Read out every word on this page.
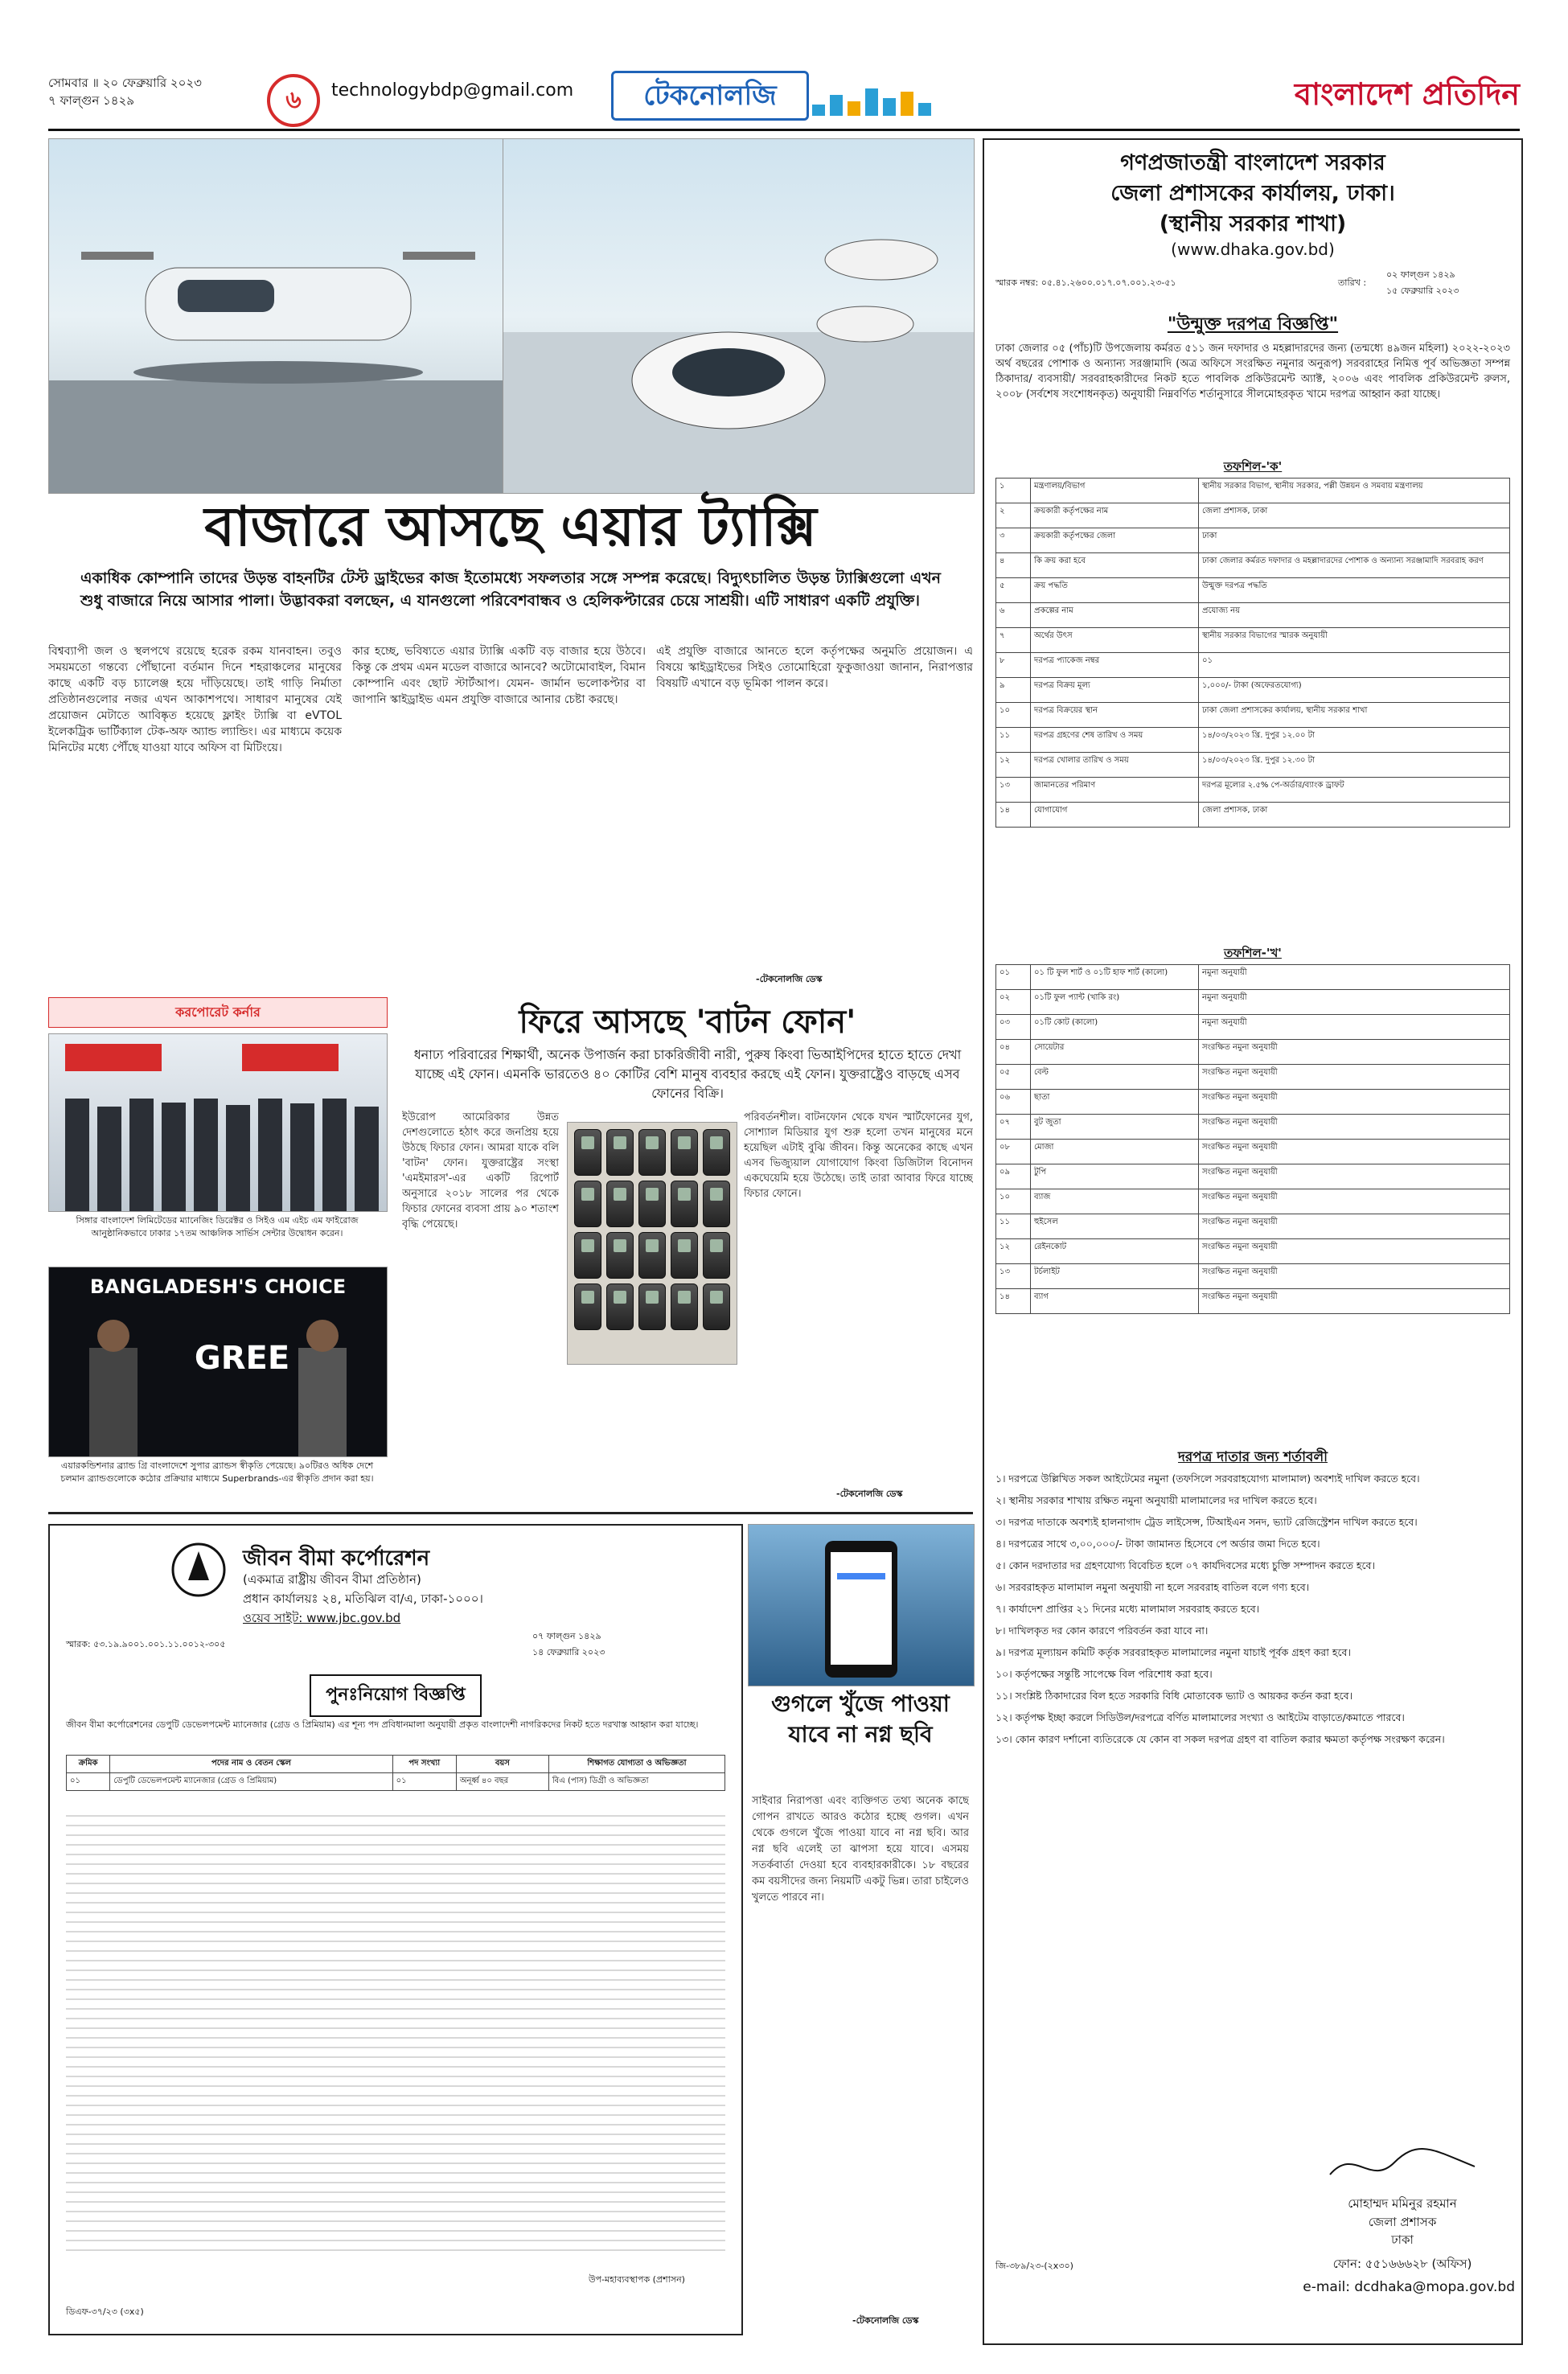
সোমবার ॥ ২০ ফেব্রুয়ারি ২০২৩
৭ ফাল্গুন ১৪২৯	৬	technologybdp@gmail.com	টেকনোলজি	বাংলাদেশ প্রতিদিন
বাজারে আসছে এয়ার ট্যাক্সি
একাধিক কোম্পানি তাদের উড়ন্ত বাহনটির টেস্ট ড্রাইভের কাজ ইতোমধ্যে সফলতার সঙ্গে সম্পন্ন করেছে। বিদ্যুৎচালিত উড়ন্ত ট্যাক্সিগুলো এখন শুধু বাজারে নিয়ে আসার পালা। উদ্ভাবকরা বলছেন, এ যানগুলো পরিবেশবান্ধব ও হেলিকপ্টারের চেয়ে সাশ্রয়ী। এটি সাধারণ একটি প্রযুক্তি।
বিশ্বব্যাপী জল ও স্থলপথে রয়েছে হরেক রকম যানবাহন। তবুও সময়মতো গন্তব্যে পৌঁছানো বর্তমান দিনে শহরাঞ্চলের মানুষের কাছে একটি বড় চ্যালেঞ্জ হয়ে দাঁড়িয়েছে। তাই গাড়ি নির্মাতা প্রতিষ্ঠানগুলোর নজর এখন আকাশপথে। সাধারণ মানুষের যেই প্রয়োজন মেটাতে আবিষ্কৃত হয়েছে ফ্লাইং ট্যাক্সি বা eVTOL ইলেকট্রিক ভার্টিক্যাল টেক-অফ অ্যান্ড ল্যান্ডিং। এর মাধ্যমে কয়েক মিনিটের মধ্যে পৌঁছে যাওয়া যাবে অফিস বা মিটিংয়ে।
কার হচ্ছে, ভবিষ্যতে এয়ার ট্যাক্সি একটি বড় বাজার হয়ে উঠবে। কিন্তু কে প্রথম এমন মডেল বাজারে আনবে? অটোমোবাইল, বিমান কোম্পানি এবং ছোট স্টার্টআপ। যেমন- জার্মান ভলোকপ্টার বা জাপানি স্কাইড্রাইভ এমন প্রযুক্তি বাজারে আনার চেষ্টা করছে।
এই প্রযুক্তি বাজারে আনতে হলে কর্তৃপক্ষের অনুমতি প্রয়োজন। এ বিষয়ে স্কাইড্রাইভের সিইও তোমোহিরো ফুকুজাওয়া জানান, নিরাপত্তার বিষয়টি এখানে বড় ভূমিকা পালন করে।
-টেকনোলজি ডেস্ক
করপোরেট কর্নার
সিঙ্গার বাংলাদেশ লিমিটেডের ম্যানেজিং ডিরেক্টর ও সিইও এম এইচ এম ফাইরোজ আনুষ্ঠানিকভাবে ঢাকার ১৭তম আঞ্চলিক সার্ভিস সেন্টার উদ্বোধন করেন।
BANGLADESH'S CHOICE
GREE
এয়ারকন্ডিশনার ব্র্যান্ড গ্রি বাংলাদেশে সুপার ব্র্যান্ডস স্বীকৃতি পেয়েছে। ৯০টিরও অধিক দেশে চলমান ব্র্যান্ডগুলোকে কঠোর প্রক্রিয়ার মাধ্যমে Superbrands-এর স্বীকৃতি প্রদান করা হয়।
ফিরে আসছে 'বাটন ফোন'
ধনাঢ্য পরিবারের শিক্ষার্থী, অনেক উপার্জন করা চাকরিজীবী নারী, পুরুষ কিংবা ভিআইপিদের হাতে হাতে দেখা যাচ্ছে এই ফোন। এমনকি ভারতেও ৪০ কোটির বেশি মানুষ ব্যবহার করছে এই ফোন। যুক্তরাষ্ট্রেও বাড়ছে এসব ফোনের বিক্রি।
ইউরোপ আমেরিকার উন্নত দেশগুলোতে হঠাৎ করে জনপ্রিয় হয়ে উঠছে ফিচার ফোন। আমরা যাকে বলি 'বাটন' ফোন। যুক্তরাষ্ট্রের সংস্থা 'এমইমারস'-এর একটি রিপোর্ট অনুসারে ২০১৮ সালের পর থেকে ফিচার ফোনের ব্যবসা প্রায় ৯০ শতাংশ বৃদ্ধি পেয়েছে।
পরিবর্তনশীল। বাটনফোন থেকে যখন স্মার্টফোনের যুগ, সোশ্যাল মিডিয়ার যুগ শুরু হলো তখন মানুষের মনে হয়েছিল এটাই বুঝি জীবন। কিন্তু অনেকের কাছে এখন এসব ভিজ্যুয়াল যোগাযোগ কিংবা ডিজিটাল বিনোদন একঘেয়েমি হয়ে উঠেছে। তাই তারা আবার ফিরে যাচ্ছে ফিচার ফোনে।
-টেকনোলজি ডেস্ক
জীবন বীমা কর্পোরেশন
(একমাত্র রাষ্ট্রীয় জীবন বীমা প্রতিষ্ঠান)
প্রধান কার্যালয়ঃ ২৪, মতিঝিল বা/এ, ঢাকা-১০০০।
ওয়েব সাইট: www.jbc.gov.bd
স্মারক: ৫৩.১৯.৯০০১.০০১.১১.০০১২-৩০৫
০৭ ফাল্গুন ১৪২৯
১৪ ফেব্রুয়ারি ২০২৩
পুনঃনিয়োগ বিজ্ঞপ্তি
জীবন বীমা কর্পোরেশনের ডেপুটি ডেভেলপমেন্ট ম্যানেজার (গ্রেড ও প্রিমিয়াম) এর শূন্য পদ প্রবিধানমালা অনুযায়ী প্রকৃত বাংলাদেশী নাগরিকদের নিকট হতে দরখাস্ত আহ্বান করা যাচ্ছে।
ক্রমিক	পদের নাম ও বেতন স্কেল	পদ সংখ্যা	বয়স	শিক্ষাগত যোগ্যতা ও অভিজ্ঞতা
০১	ডেপুটি ডেভেলপমেন্ট ম্যানেজার (গ্রেড ও প্রিমিয়াম)	০১	অনূর্ধ্ব ৪০ বছর	বিএ (পাস) ডিগ্রী ও অভিজ্ঞতা
উপ-মহাব্যবস্থাপক (প্রশাসন)
ডিএফ-৩৭/২৩ (৩x৫)
গুগলে খুঁজে পাওয়া যাবে না নগ্ন ছবি
সাইবার নিরাপত্তা এবং ব্যক্তিগত তথ্য অনেক কাছে গোপন রাখতে আরও কঠোর হচ্ছে গুগল। এখন থেকে গুগলে খুঁজে পাওয়া যাবে না নগ্ন ছবি। আর নগ্ন ছবি এলেই তা ঝাপসা হয়ে যাবে। এসময় সতর্কবার্তা দেওয়া হবে ব্যবহারকারীকে। ১৮ বছরের কম বয়সীদের জন্য নিয়মটি একটু ভিন্ন। তারা চাইলেও খুলতে পারবে না।
-টেকনোলজি ডেস্ক
গণপ্রজাতন্ত্রী বাংলাদেশ সরকার
জেলা প্রশাসকের কার্যালয়, ঢাকা।
(স্থানীয় সরকার শাখা)
(www.dhaka.gov.bd)
স্মারক নম্বর: ০৫.৪১.২৬০০.০১৭.০৭.০০১.২৩-৫১	তারিখ :
০২ ফাল্গুন ১৪২৯
১৫ ফেব্রুয়ারি ২০২৩
"উন্মুক্ত দরপত্র বিজ্ঞপ্তি"
ঢাকা জেলার ০৫ (পাঁচ)টি উপজেলায় কর্মরত ৫১১ জন দফাদার ও মহল্লাদারদের জন্য (তন্মধ্যে ৪৯জন মহিলা) ২০২২-২০২৩ অর্থ বছরের পোশাক ও অন্যান্য সরঞ্জামাদি (অত্র অফিসে সংরক্ষিত নমুনার অনুরূপ) সরবরাহের নিমিত্ত পূর্ব অভিজ্ঞতা সম্পন্ন ঠিকাদার/ ব্যবসায়ী/ সরবরাহকারীদের নিকট হতে পাবলিক প্রকিউরমেন্ট অ্যাক্ট, ২০০৬ এবং পাবলিক প্রকিউরমেন্ট রুলস, ২০০৮ (সর্বশেষ সংশোধনকৃত) অনুযায়ী নিম্নবর্ণিত শর্তানুসারে সীলমোহরকৃত খামে দরপত্র আহ্বান করা যাচ্ছে।
তফশিল-'ক'
১	মন্ত্রণালয়/বিভাগ	স্থানীয় সরকার বিভাগ, স্থানীয় সরকার, পল্লী উন্নয়ন ও সমবায় মন্ত্রণালয়
২	ক্রয়কারী কর্তৃপক্ষের নাম	জেলা প্রশাসক, ঢাকা
৩	ক্রয়কারী কর্তৃপক্ষের জেলা	ঢাকা
৪	কি ক্রয় করা হবে	ঢাকা জেলার কর্মরত দফাদার ও মহল্লাদারদের পোশাক ও অন্যান্য সরঞ্জামাদি সরবরাহ করণ
৫	ক্রয় পদ্ধতি	উন্মুক্ত দরপত্র পদ্ধতি
৬	প্রকল্পের নাম	প্রযোজ্য নয়
৭	অর্থের উৎস	স্থানীয় সরকার বিভাগের স্মারক অনুযায়ী
৮	দরপত্র প্যাকেজ নম্বর	০১
৯	দরপত্র বিক্রয় মূল্য	১,০০০/- টাকা (অফেরতযোগ্য)
১০	দরপত্র বিক্রয়ের স্থান	ঢাকা জেলা প্রশাসকের কার্যালয়, স্থানীয় সরকার শাখা
১১	দরপত্র গ্রহণের শেষ তারিখ ও সময়	১৪/০৩/২০২৩ খ্রি. দুপুর ১২.০০ টা
১২	দরপত্র খোলার তারিখ ও সময়	১৪/০৩/২০২৩ খ্রি. দুপুর ১২.৩০ টা
১৩	জামানতের পরিমাণ	দরপত্র মূল্যের ২.৫% পে-অর্ডার/ব্যাংক ড্রাফট
১৪	যোগাযোগ	জেলা প্রশাসক, ঢাকা
তফশিল-'খ'
০১	০১ টি ফুল শার্ট ও ০১টি হাফ শার্ট (কালো)	নমুনা অনুযায়ী
০২	০১টি ফুল প্যান্ট (খাকি রং)	নমুনা অনুযায়ী
০৩	০১টি কোট (কালো)	নমুনা অনুযায়ী
০৪	সোয়েটার	সংরক্ষিত নমুনা অনুযায়ী
০৫	বেল্ট	সংরক্ষিত নমুনা অনুযায়ী
০৬	ছাতা	সংরক্ষিত নমুনা অনুযায়ী
০৭	বুট জুতা	সংরক্ষিত নমুনা অনুযায়ী
০৮	মোজা	সংরক্ষিত নমুনা অনুযায়ী
০৯	টুপি	সংরক্ষিত নমুনা অনুযায়ী
১০	ব্যাজ	সংরক্ষিত নমুনা অনুযায়ী
১১	হুইসেল	সংরক্ষিত নমুনা অনুযায়ী
১২	রেইনকোট	সংরক্ষিত নমুনা অনুযায়ী
১৩	টর্চলাইট	সংরক্ষিত নমুনা অনুযায়ী
১৪	ব্যাগ	সংরক্ষিত নমুনা অনুযায়ী
দরপত্র দাতার জন্য শর্তাবলী
১। দরপত্রে উল্লিখিত সকল আইটেমের নমুনা (তফসিলে সরবরাহযোগ্য মালামাল) অবশ্যই দাখিল করতে হবে।
২। স্থানীয় সরকার শাখায় রক্ষিত নমুনা অনুযায়ী মালামালের দর দাখিল করতে হবে।
৩। দরপত্র দাতাকে অবশ্যই হালনাগাদ ট্রেড লাইসেন্স, টিআইএন সনদ, ভ্যাট রেজিস্ট্রেশন দাখিল করতে হবে।
৪। দরপত্রের সাথে ৩,০০,০০০/- টাকা জামানত হিসেবে পে অর্ডার জমা দিতে হবে।
৫। কোন দরদাতার দর গ্রহণযোগ্য বিবেচিত হলে ০৭ কার্যদিবসের মধ্যে চুক্তি সম্পাদন করতে হবে।
৬। সরবরাহকৃত মালামাল নমুনা অনুযায়ী না হলে সরবরাহ বাতিল বলে গণ্য হবে।
৭। কার্যাদেশ প্রাপ্তির ২১ দিনের মধ্যে মালামাল সরবরাহ করতে হবে।
৮। দাখিলকৃত দর কোন কারণে পরিবর্তন করা যাবে না।
৯। দরপত্র মূল্যায়ন কমিটি কর্তৃক সরবরাহকৃত মালামালের নমুনা যাচাই পূর্বক গ্রহণ করা হবে।
১০। কর্তৃপক্ষের সন্তুষ্টি সাপেক্ষে বিল পরিশোধ করা হবে।
১১। সংশ্লিষ্ট ঠিকাদারের বিল হতে সরকারি বিধি মোতাবেক ভ্যাট ও আয়কর কর্তন করা হবে।
১২। কর্তৃপক্ষ ইচ্ছা করলে সিডিউল/দরপত্রে বর্ণিত মালামালের সংখ্যা ও আইটেম বাড়াতে/কমাতে পারবে।
১৩। কোন কারণ দর্শানো ব্যতিরেকে যে কোন বা সকল দরপত্র গ্রহণ বা বাতিল করার ক্ষমতা কর্তৃপক্ষ সংরক্ষণ করেন।
মোহাম্মদ মমিনুর রহমান
জেলা প্রশাসক
ঢাকা
ফোন: ৫৫১৬৬৬২৮ (অফিস)
জি-৩৮৯/২৩-(২x৩০)
e-mail: dcdhaka@mopa.gov.bd
